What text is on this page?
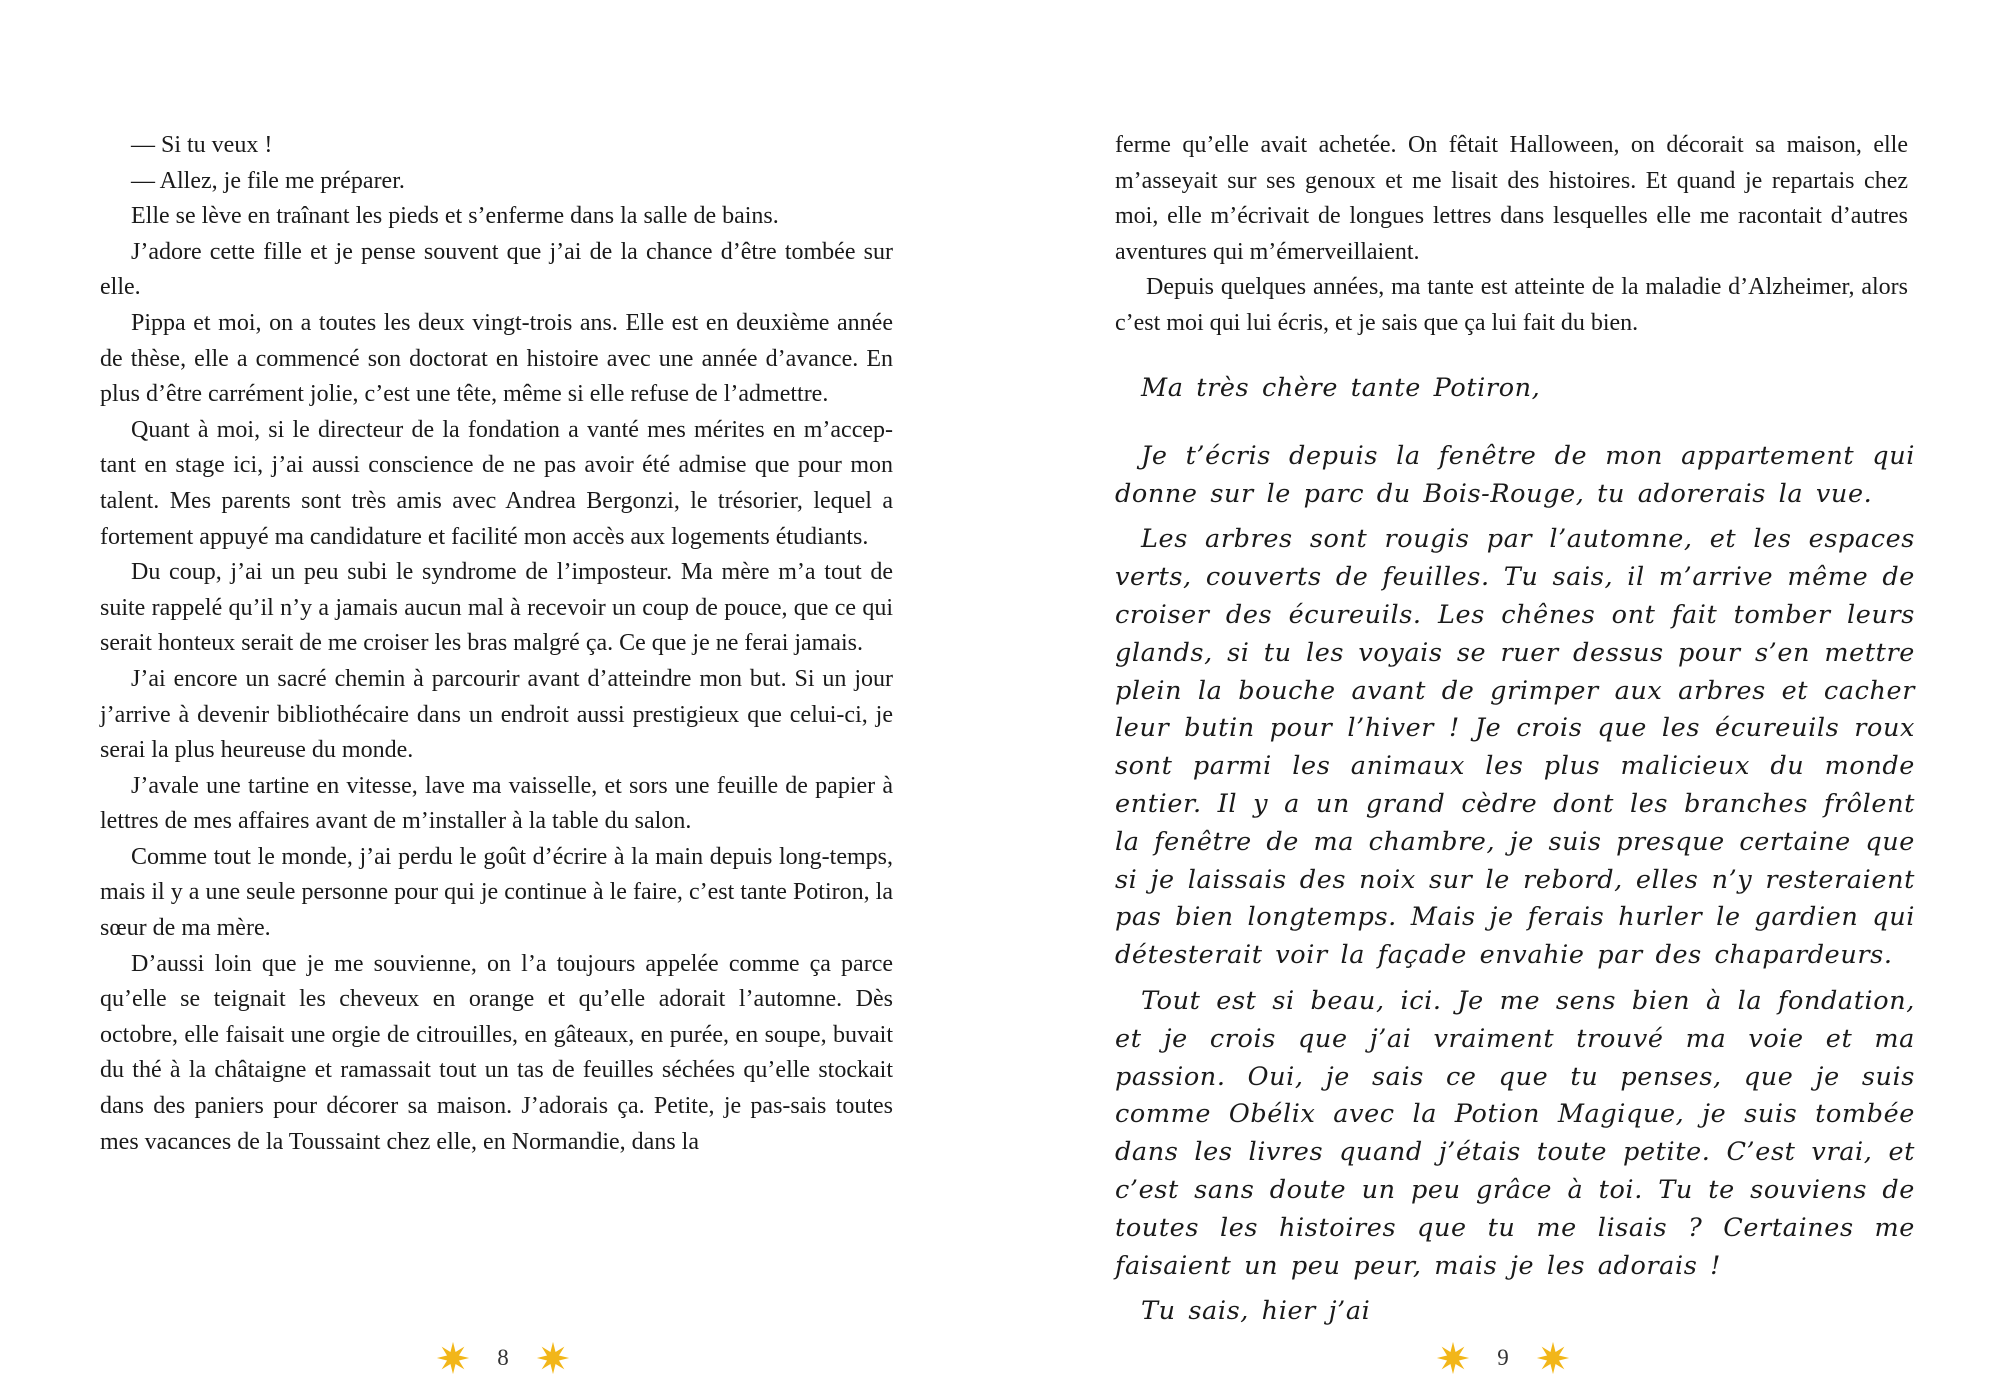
— Si tu veux !

— Allez, je file me préparer.

Elle se lève en traînant les pieds et s’enferme dans la salle de bains.

J’adore cette fille et je pense souvent que j’ai de la chance d’être tombée sur elle.

Pippa et moi, on a toutes les deux vingt-trois ans. Elle est en deuxième année de thèse, elle a commencé son doctorat en histoire avec une année d’avance. En plus d’être carrément jolie, c’est une tête, même si elle refuse de l’admettre.

Quant à moi, si le directeur de la fondation a vanté mes mérites en m’accep-tant en stage ici, j’ai aussi conscience de ne pas avoir été admise que pour mon talent. Mes parents sont très amis avec Andrea Bergonzi, le trésorier, lequel a fortement appuyé ma candidature et facilité mon accès aux logements étudiants.

Du coup, j’ai un peu subi le syndrome de l’imposteur. Ma mère m’a tout de suite rappelé qu’il n’y a jamais aucun mal à recevoir un coup de pouce, que ce qui serait honteux serait de me croiser les bras malgré ça. Ce que je ne ferai jamais.

J’ai encore un sacré chemin à parcourir avant d’atteindre mon but. Si un jour j’arrive à devenir bibliothécaire dans un endroit aussi prestigieux que celui-ci, je serai la plus heureuse du monde.

J’avale une tartine en vitesse, lave ma vaisselle, et sors une feuille de papier à lettres de mes affaires avant de m’installer à la table du salon.

Comme tout le monde, j’ai perdu le goût d’écrire à la main depuis long-temps, mais il y a une seule personne pour qui je continue à le faire, c’est tante Potiron, la sœur de ma mère.

D’aussi loin que je me souvienne, on l’a toujours appelée comme ça parce qu’elle se teignait les cheveux en orange et qu’elle adorait l’automne. Dès octobre, elle faisait une orgie de citrouilles, en gâteaux, en purée, en soupe, buvait du thé à la châtaigne et ramassait tout un tas de feuilles séchées qu’elle stockait dans des paniers pour décorer sa maison. J’adorais ça. Petite, je pas-sais toutes mes vacances de la Toussaint chez elle, en Normandie, dans la

8

ferme qu’elle avait achetée. On fêtait Halloween, on décorait sa maison, elle m’asseyait sur ses genoux et me lisait des histoires. Et quand je repartais chez moi, elle m’écrivait de longues lettres dans lesquelles elle me racontait d’autres aventures qui m’émerveillaient.

Depuis quelques années, ma tante est atteinte de la maladie d’Alzheimer, alors c’est moi qui lui écris, et je sais que ça lui fait du bien.

Ma très chère tante Potiron,

Je t’écris depuis la fenêtre de mon appartement qui donne sur le parc du Bois-Rouge, tu adorerais la vue.

Les arbres sont rougis par l’automne, et les espaces verts, couverts de feuilles. Tu sais, il m’arrive même de croiser des écureuils. Les chênes ont fait tomber leurs glands, si tu les voyais se ruer dessus pour s’en mettre plein la bouche avant de grimper aux arbres et cacher leur butin pour l’hiver ! Je crois que les écureuils roux sont parmi les animaux les plus malicieux du monde entier. Il y a un grand cèdre dont les branches frôlent la fenêtre de ma chambre, je suis presque certaine que si je laissais des noix sur le rebord, elles n’y resteraient pas bien longtemps. Mais je ferais hurler le gardien qui détesterait voir la façade envahie par des chapardeurs.

Tout est si beau, ici. Je me sens bien à la fondation, et je crois que j’ai vraiment trouvé ma voie et ma passion. Oui, je sais ce que tu penses, que je suis comme Obélix avec la Potion Magique, je suis tombée dans les livres quand j’étais toute petite. C’est vrai, et c’est sans doute un peu grâce à toi. Tu te souviens de toutes les histoires que tu me lisais ? Certaines me faisaient un peu peur, mais je les adorais !

Tu sais, hier j’ai

9
